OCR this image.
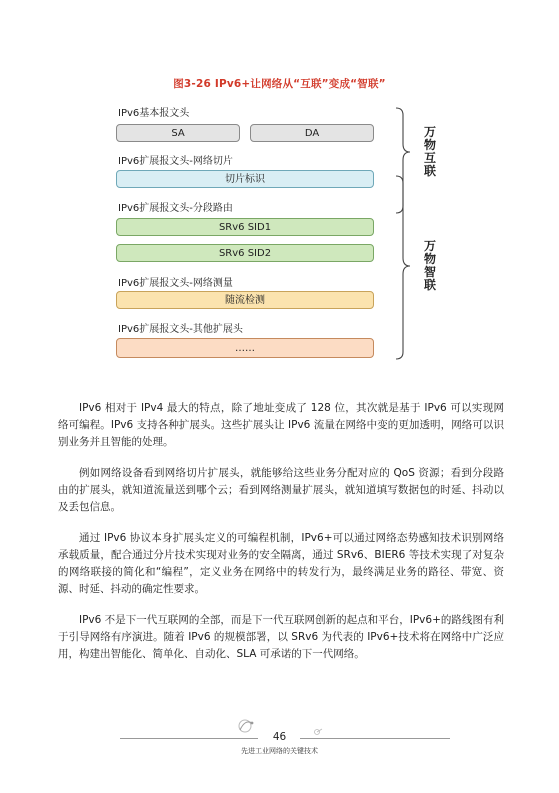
图3-26 IPv6+让网络从“互联”变成“智联”
IPv6基本报文头
SA	DA
IPv6扩展报文头-网络切片
切片标识
IPv6扩展报文头-分段路由
SRv6 SID1
SRv6 SID2
IPv6扩展报文头-网络测量
随流检测
IPv6扩展报文头-其他扩展头
……
万物互联
万物智联

IPv6 相对于 IPv4 最大的特点，除了地址变成了 128 位，其次就是基于 IPv6 可以实现网络可编程。IPv6 支持各种扩展头。这些扩展头让 IPv6 流量在网络中变的更加透明，网络可以识别业务并且智能的处理。

例如网络设备看到网络切片扩展头，就能够给这些业务分配对应的 QoS 资源；看到分段路由的扩展头，就知道流量送到哪个云；看到网络测量扩展头，就知道填写数据包的时延、抖动以及丢包信息。

通过 IPv6 协议本身扩展头定义的可编程机制，IPv6+可以通过网络态势感知技术识别网络承载质量，配合通过分片技术实现对业务的安全隔离，通过 SRv6、BIER6 等技术实现了对复杂的网络联接的简化和“编程”，定义业务在网络中的转发行为，最终满足业务的路径、带宽、资源、时延、抖动的确定性要求。

IPv6 不是下一代互联网的全部，而是下一代互联网创新的起点和平台，IPv6+的路线图有利于引导网络有序演进。随着 IPv6 的规模部署，以 SRv6 为代表的 IPv6+技术将在网络中广泛应用，构建出智能化、简单化、自动化、SLA 可承诺的下一代网络。

46
先进工业网络的关键技术
